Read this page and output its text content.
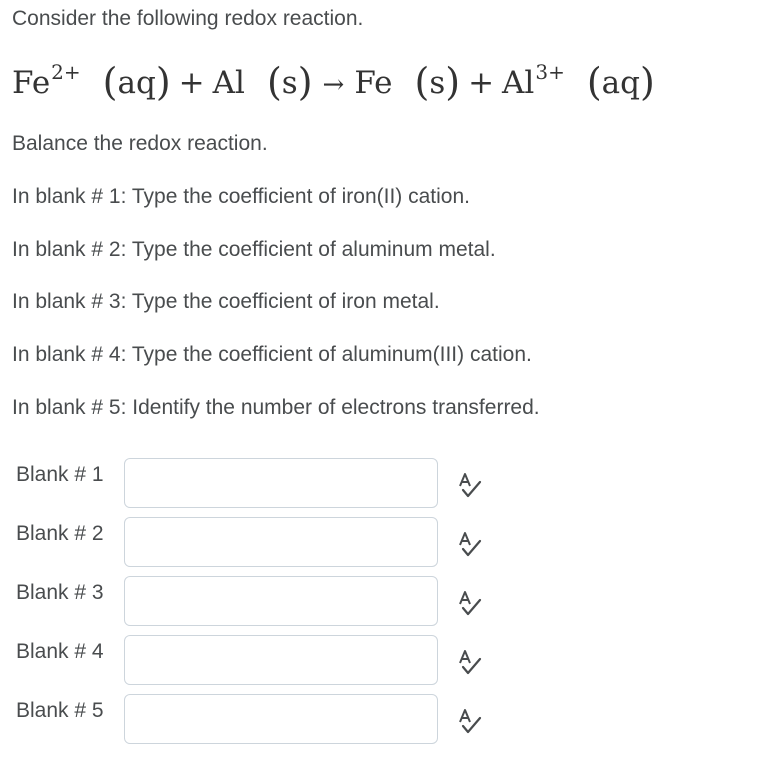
Consider the following redox reaction.
$Fe^{2+}$ (aq) + Al (s) → Fe $(s) + Al^{3+}$ (aq)
Balance the redox reaction.
In blank # 1: Type the coefficient of iron(II) cation.
In blank # 2: Type the coefficient of aluminum metal.
In blank # 3: Type the coefficient of iron metal.
In blank # 4: Type the coefficient of aluminum(III) cation.
In blank # 5: Identify the number of electrons transferred.
Blank # 1
Blank # 2
Blank # 3
Blank # 4
Blank # 5
